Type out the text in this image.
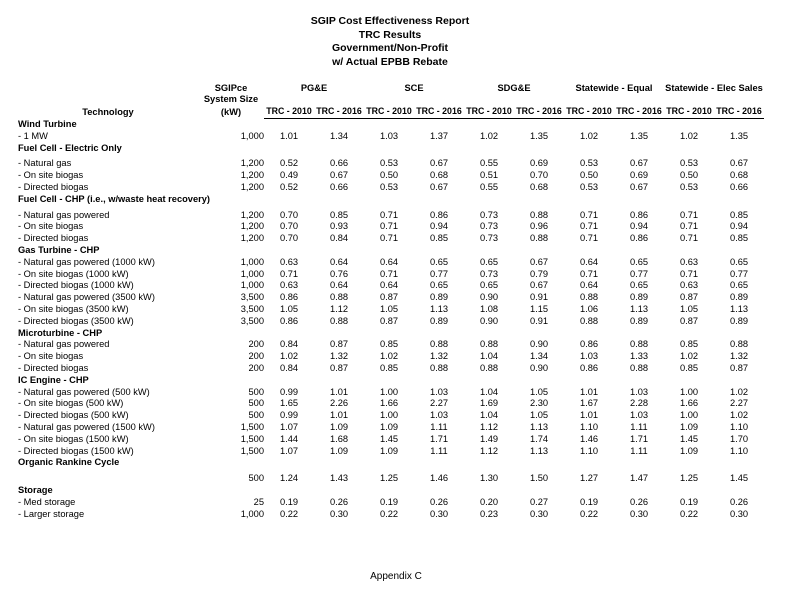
SGIP Cost Effectiveness Report
TRC Results
Government/Non-Profit
w/ Actual EPBB Rebate
	SGIPce	PG&E		SCE		SDG&E		Statewide - Equal		Statewide - Elec Sales	
	System Size										
Technology	(kW)	TRC - 2010	TRC - 2016	TRC - 2010	TRC - 2016	TRC - 2010	TRC - 2016	TRC - 2010	TRC - 2016	TRC - 2010	TRC - 2016
Wind Turbine											
- 1 MW	1,000	1.01	1.34	1.03	1.37	1.02	1.35	1.02	1.35	1.02	1.35
Fuel Cell - Electric Only											

- Natural gas	1,200	0.52	0.66	0.53	0.67	0.55	0.69	0.53	0.67	0.53	0.67
- On site biogas	1,200	0.49	0.67	0.50	0.68	0.51	0.70	0.50	0.69	0.50	0.68
- Directed biogas	1,200	0.52	0.66	0.53	0.67	0.55	0.68	0.53	0.67	0.53	0.66
Fuel Cell - CHP (i.e., w/waste heat recovery)											

- Natural gas powered	1,200	0.70	0.85	0.71	0.86	0.73	0.88	0.71	0.86	0.71	0.85
- On site biogas	1,200	0.70	0.93	0.71	0.94	0.73	0.96	0.71	0.94	0.71	0.94
- Directed biogas	1,200	0.70	0.84	0.71	0.85	0.73	0.88	0.71	0.86	0.71	0.85
Gas Turbine - CHP											
- Natural gas powered (1000 kW)	1,000	0.63	0.64	0.64	0.65	0.65	0.67	0.64	0.65	0.63	0.65
- On site biogas (1000 kW)	1,000	0.71	0.76	0.71	0.77	0.73	0.79	0.71	0.77	0.71	0.77
- Directed biogas (1000 kW)	1,000	0.63	0.64	0.64	0.65	0.65	0.67	0.64	0.65	0.63	0.65
- Natural gas powered (3500 kW)	3,500	0.86	0.88	0.87	0.89	0.90	0.91	0.88	0.89	0.87	0.89
- On site biogas (3500 kW)	3,500	1.05	1.12	1.05	1.13	1.08	1.15	1.06	1.13	1.05	1.13
- Directed biogas (3500 kW)	3,500	0.86	0.88	0.87	0.89	0.90	0.91	0.88	0.89	0.87	0.89
Microturbine - CHP											
- Natural gas powered	200	0.84	0.87	0.85	0.88	0.88	0.90	0.86	0.88	0.85	0.88
- On site biogas	200	1.02	1.32	1.02	1.32	1.04	1.34	1.03	1.33	1.02	1.32
- Directed biogas	200	0.84	0.87	0.85	0.88	0.88	0.90	0.86	0.88	0.85	0.87
IC Engine - CHP											
- Natural gas powered (500 kW)	500	0.99	1.01	1.00	1.03	1.04	1.05	1.01	1.03	1.00	1.02
- On site biogas (500 kW)	500	1.65	2.26	1.66	2.27	1.69	2.30	1.67	2.28	1.66	2.27
- Directed biogas (500 kW)	500	0.99	1.01	1.00	1.03	1.04	1.05	1.01	1.03	1.00	1.02
- Natural gas powered (1500 kW)	1,500	1.07	1.09	1.09	1.11	1.12	1.13	1.10	1.11	1.09	1.10
- On site biogas (1500 kW)	1,500	1.44	1.68	1.45	1.71	1.49	1.74	1.46	1.71	1.45	1.70
- Directed biogas (1500 kW)	1,500	1.07	1.09	1.09	1.11	1.12	1.13	1.10	1.11	1.09	1.10
Organic Rankine Cycle											

	500	1.24	1.43	1.25	1.46	1.30	1.50	1.27	1.47	1.25	1.45
Storage											
- Med storage	25	0.19	0.26	0.19	0.26	0.20	0.27	0.19	0.26	0.19	0.26
- Larger storage	1,000	0.22	0.30	0.22	0.30	0.23	0.30	0.22	0.30	0.22	0.30
Appendix C
